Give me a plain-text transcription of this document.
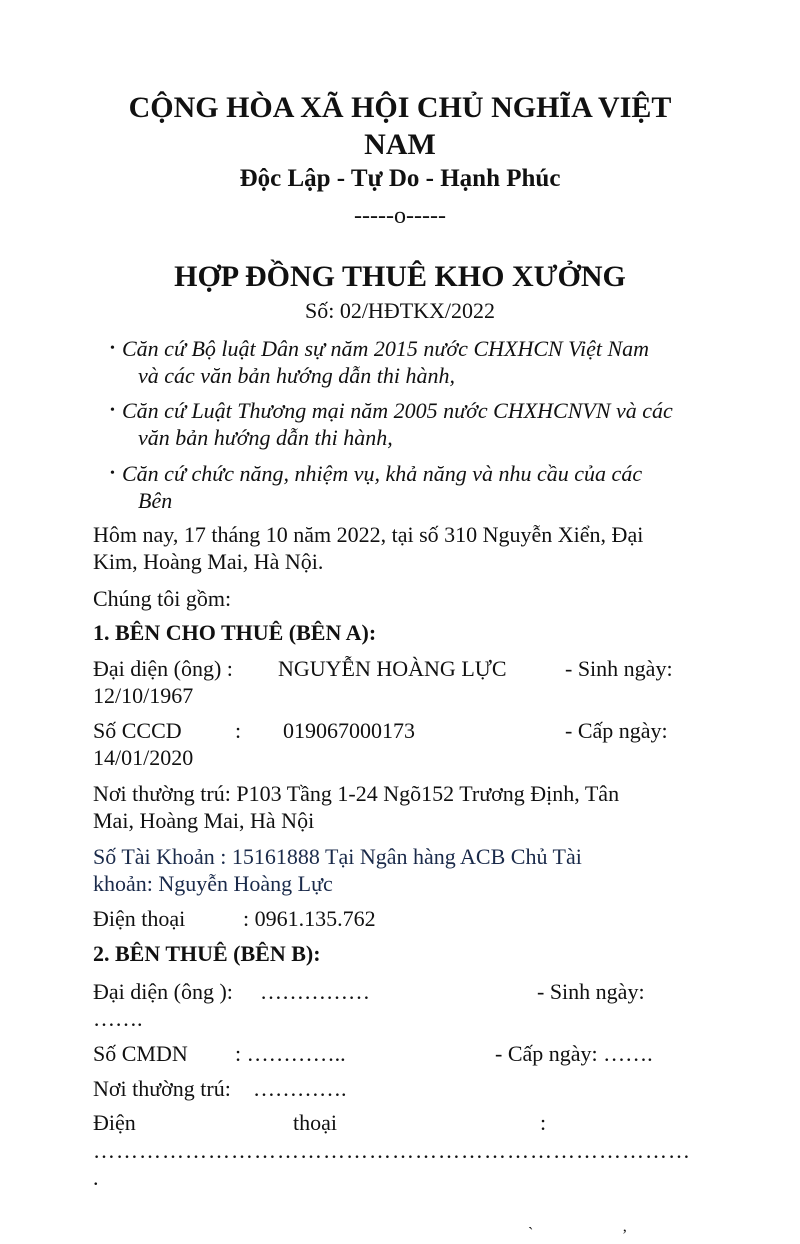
CỘNG HÒA XÃ HỘI CHỦ NGHĨA VIỆT
NAM
Độc Lập - Tự Do - Hạnh Phúc
-----o-----
HỢP ĐỒNG THUÊ KHO XƯỞNG
Số: 02/HĐTKX/2022
• Căn cứ Bộ luật Dân sự năm 2015 nước CHXHCN Việt Nam
và các văn bản hướng dẫn thi hành,
• Căn cứ Luật Thương mại năm 2005 nước CHXHCNVN và các
văn bản hướng dẫn thi hành,
• Căn cứ chức năng, nhiệm vụ, khả năng và nhu cầu của các
Bên
Hôm nay, 17 tháng 10 năm 2022, tại số 310 Nguyễn Xiển, Đại
Kim, Hoàng Mai, Hà Nội.
Chúng tôi gồm:
1. BÊN CHO THUÊ (BÊN A):
Đại diện (ông) : NGUYỄN HOÀNG LỰC	- Sinh ngày:
12/10/1967
Số CCCD : 019067000173	- Cấp ngày:
14/01/2020
Nơi thường trú: P103 Tầng 1-24 Ngõ152 Trương Định, Tân
Mai, Hoàng Mai, Hà Nội
Số Tài Khoản : 15161888 Tại Ngân hàng ACB Chủ Tài
khoản: Nguyễn Hoàng Lực
Điện thoại	: 0961.135.762
2. BÊN THUÊ (BÊN B):
Đại diện (ông ): ……………	- Sinh ngày:
…….
Số CMDN : …………..	- Cấp ngày: …….
Nơi thường trú: ………….
Điện	thoại	:
……………………………………………………………………
.
`	ʼ
